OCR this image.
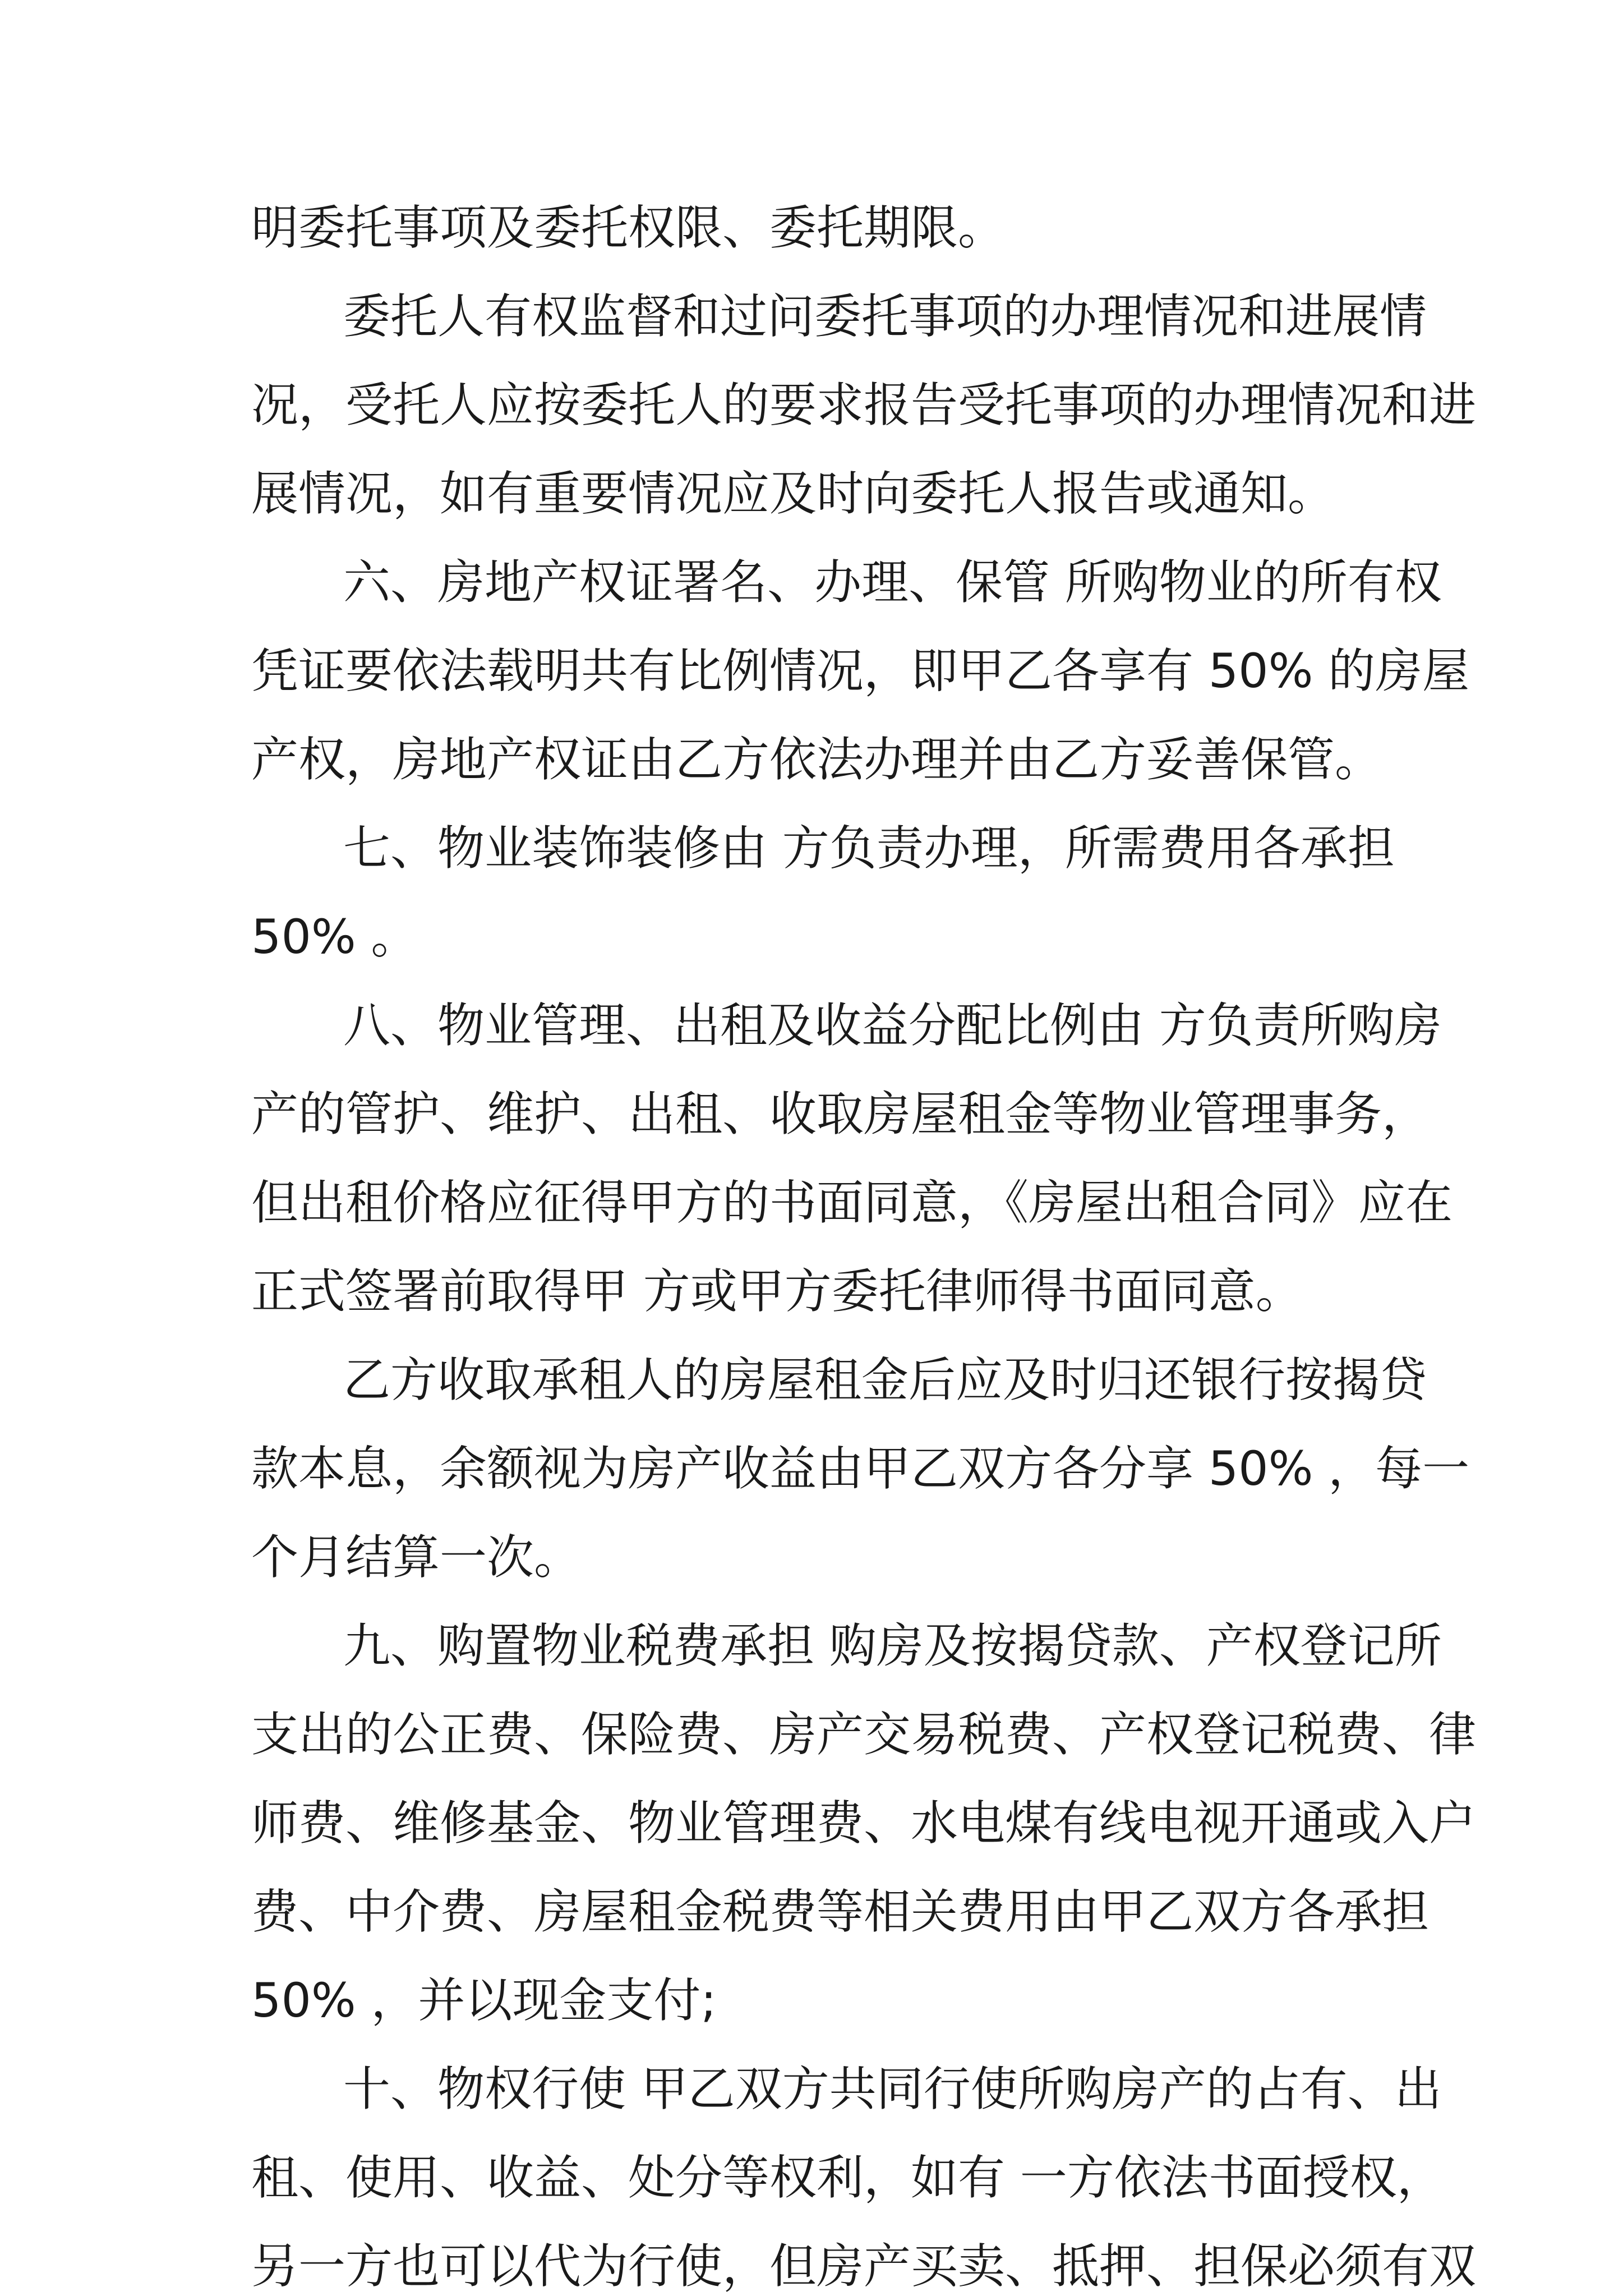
明委托事项及委托权限、委托期限。
委托人有权监督和过问委托事项的办理情况和进展情
况，受托人应按委托人的要求报告受托事项的办理情况和进
展情况，如有重要情况应及时向委托人报告或通知。
六、房地产权证署名、办理、保管 所购物业的所有权
凭证要依法载明共有比例情况，即甲乙各享有 50% 的房屋
产权，房地产权证由乙方依法办理并由乙方妥善保管。
七、物业装饰装修由 方负责办理，所需费用各承担
50% 。
八、物业管理、出租及收益分配比例由 方负责所购房
产的管护、维护、出租、收取房屋租金等物业管理事务，
但出租价格应征得甲方的书面同意，《房屋出租合同》应在
正式签署前取得甲 方或甲方委托律师得书面同意。
乙方收取承租人的房屋租金后应及时归还银行按揭贷
款本息，余额视为房产收益由甲乙双方各分享 50% ，每一
个月结算一次。
九、购置物业税费承担 购房及按揭贷款、产权登记所
支出的公正费、保险费、房产交易税费、产权登记税费、律
师费、维修基金、物业管理费、水电煤有线电视开通或入户
费、中介费、房屋租金税费等相关费用由甲乙双方各承担
50% ，并以现金支付;
十、物权行使 甲乙双方共同行使所购房产的占有、出
租、使用、收益、处分等权利，如有 一方依法书面授权，
另一方也可以代为行使，但房产买卖、抵押、担保必须有双
